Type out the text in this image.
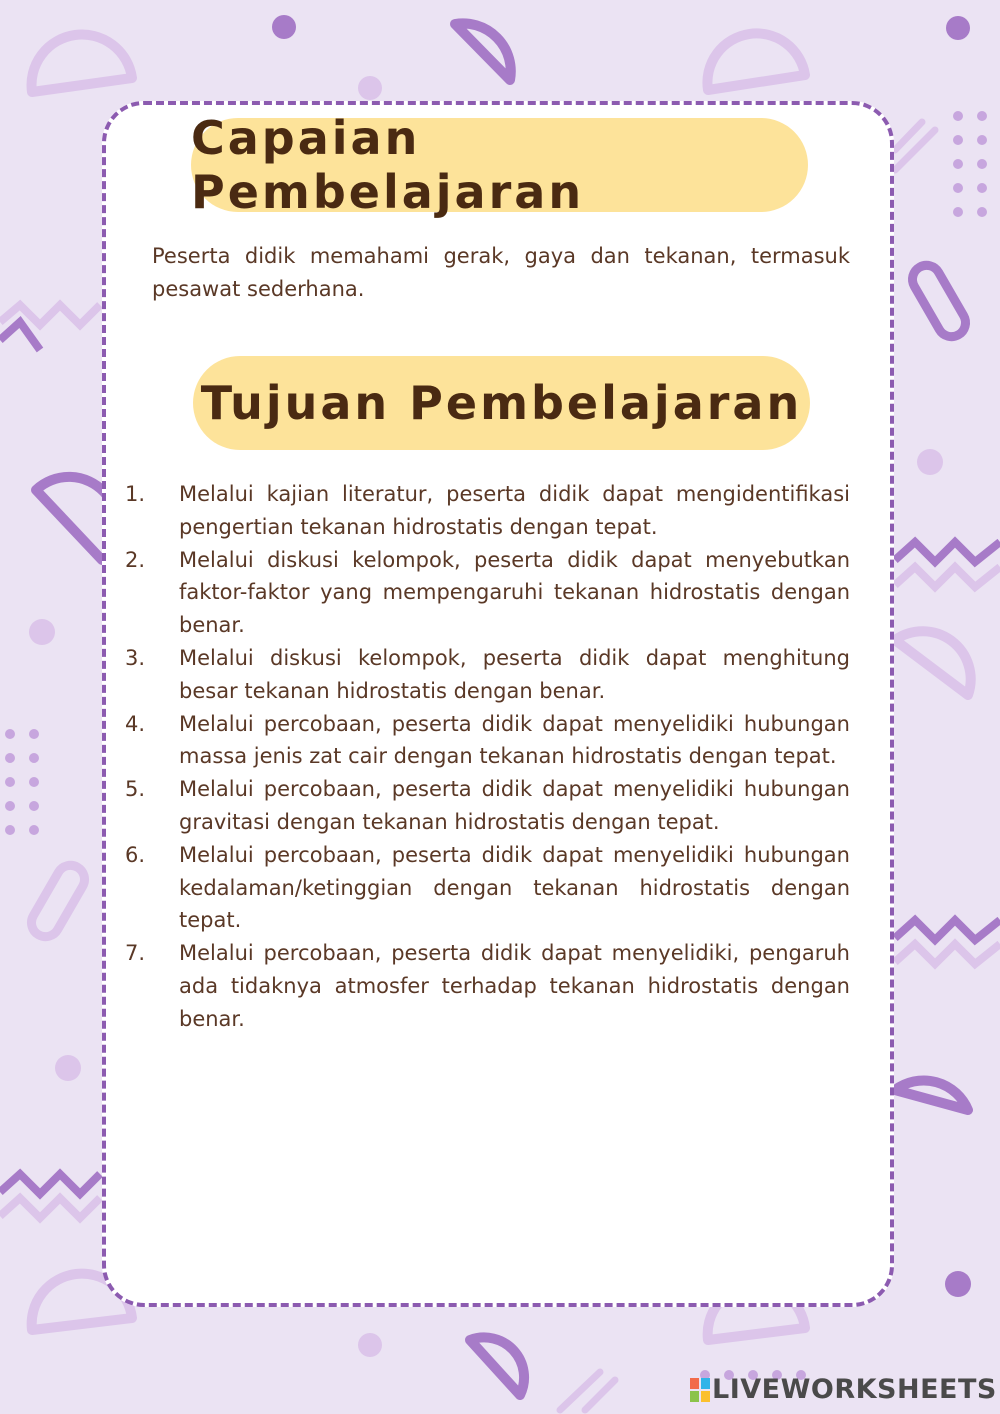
Capaian Pembelajaran

Peserta didik memahami gerak, gaya dan tekanan, termasuk pesawat sederhana.

Tujuan Pembelajaran
1. Melalui kajian literatur, peserta didik dapat mengidentifikasi pengertian tekanan hidrostatis dengan tepat.
2. Melalui diskusi kelompok, peserta didik dapat menyebutkan faktor-faktor yang mempengaruhi tekanan hidrostatis dengan benar.
3. Melalui diskusi kelompok, peserta didik dapat menghitung besar tekanan hidrostatis dengan benar.
4. Melalui percobaan, peserta didik dapat menyelidiki hubungan massa jenis zat cair dengan tekanan hidrostatis dengan tepat.
5. Melalui percobaan, peserta didik dapat menyelidiki hubungan gravitasi dengan tekanan hidrostatis dengan tepat.
6. Melalui percobaan, peserta didik dapat menyelidiki hubungan kedalaman/ketinggian dengan tekanan hidrostatis dengan tepat.
7. Melalui percobaan, peserta didik dapat menyelidiki, pengaruh ada tidaknya atmosfer terhadap tekanan hidrostatis dengan benar.
LIVEWORKSHEETS
